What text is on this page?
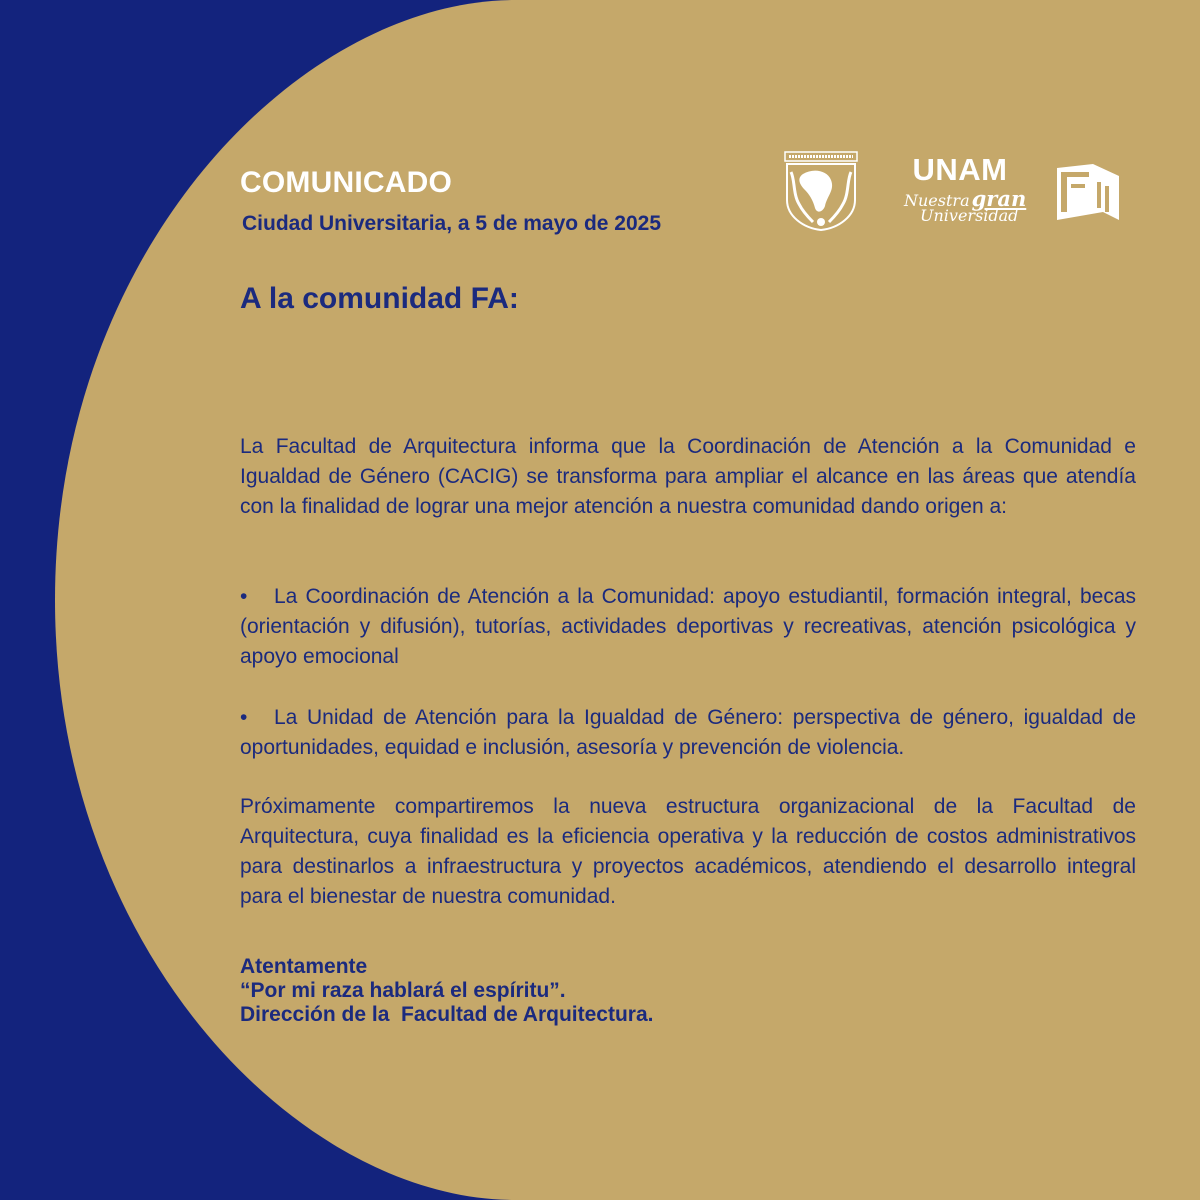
COMUNICADO
Ciudad Universitaria, a 5 de mayo de 2025
UNAM
Nuestragran
Universidad
A la comunidad FA:

La Facultad de Arquitectura informa que la Coordinación de Atención a la Comunidad e Igualdad de Género (CACIG) se transforma para ampliar el alcance en las áreas que atendía con la finalidad de lograr una mejor atención a nuestra comunidad dando origen a:

• La Coordinación de Atención a la Comunidad: apoyo estudiantil, formación integral, becas (orientación y difusión), tutorías, actividades deportivas y recreativas, atención psicológica y apoyo emocional

• La Unidad de Atención para la Igualdad de Género: perspectiva de género, igualdad de oportunidades, equidad e inclusión, asesoría y prevención de violencia.

Próximamente compartiremos la nueva estructura organizacional de la Facultad de Arquitectura, cuya finalidad es la eficiencia operativa y la reducción de costos administrativos para destinarlos a infraestructura y proyectos académicos, atendiendo el desarrollo integral para el bienestar de nuestra comunidad.

Atentamente
“Por mi raza hablará el espíritu”.
Dirección de la  Facultad de Arquitectura.
